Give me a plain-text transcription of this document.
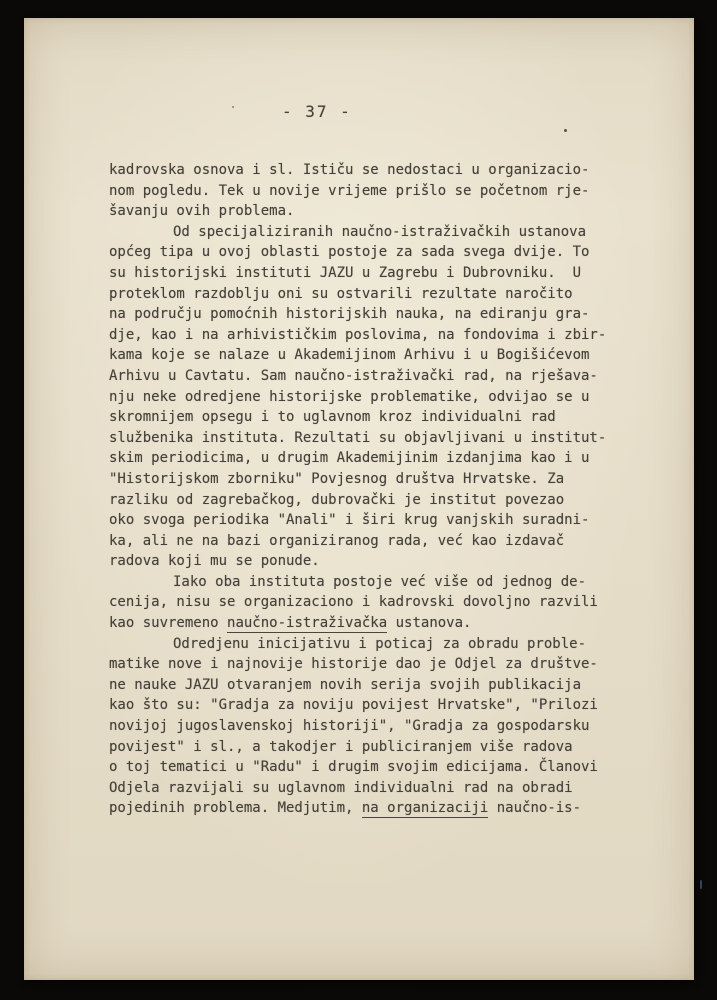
- 37 -
kadrovska osnova i sl. Ističu se nedostaci u organizacio-
nom pogledu. Tek u novije vrijeme prišlo se početnom rje-
šavanju ovih problema.
Od specijaliziranih naučno-istraživačkih ustanova
općeg tipa u ovoj oblasti postoje za sada svega dvije. To
su historijski instituti JAZU u Zagrebu i Dubrovniku.  U
proteklom razdoblju oni su ostvarili rezultate naročito
na području pomoćnih historijskih nauka, na ediranju gra-
dje, kao i na arhivističkim poslovima, na fondovima i zbir-
kama koje se nalaze u Akademijinom Arhivu i u Bogišićevom
Arhivu u Cavtatu. Sam naučno-istraživački rad, na rješava-
nju neke odredjene historijske problematike, odvijao se u
skromnijem opsegu i to uglavnom kroz individualni rad
službenika instituta. Rezultati su objavljivani u institut-
skim periodicima, u drugim Akademijinim izdanjima kao i u
"Historijskom zborniku" Povjesnog društva Hrvatske. Za
razliku od zagrebačkog, dubrovački je institut povezao
oko svoga periodika "Anali" i širi krug vanjskih suradni-
ka, ali ne na bazi organiziranog rada, već kao izdavač
radova koji mu se ponude.
Iako oba instituta postoje već više od jednog de-
cenija, nisu se organizaciono i kadrovski dovoljno razvili
kao suvremeno naučno-istraživačka ustanova.
Odredjenu inicijativu i poticaj za obradu proble-
matike nove i najnovije historije dao je Odjel za društve-
ne nauke JAZU otvaranjem novih serija svojih publikacija
kao što su: "Gradja za noviju povijest Hrvatske", "Prilozi
novijoj jugoslavenskoj historiji", "Gradja za gospodarsku
povijest" i sl., a takodjer i publiciranjem više radova
o toj tematici u "Radu" i drugim svojim edicijama. Članovi
Odjela razvijali su uglavnom individualni rad na obradi
pojedinih problema. Medjutim, na organizaciji naučno-is-
